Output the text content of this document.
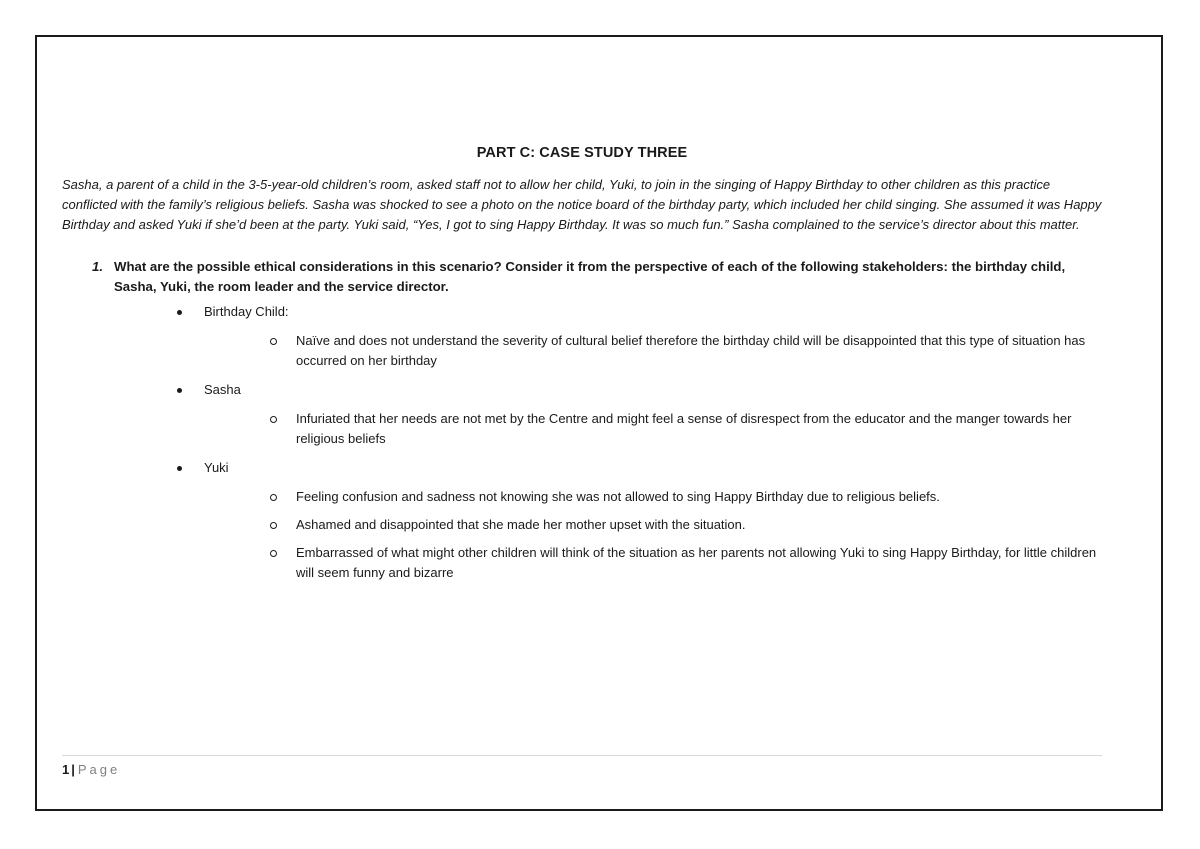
PART C: CASE STUDY THREE

Sasha, a parent of a child in the 3-5-year-old children’s room, asked staff not to allow her child, Yuki, to join in the singing of Happy Birthday to other children as this practice conflicted with the family’s religious beliefs. Sasha was shocked to see a photo on the notice board of the birthday party, which included her child singing. She assumed it was Happy Birthday and asked Yuki if she’d been at the party. Yuki said, “Yes, I got to sing Happy Birthday. It was so much fun.” Sasha complained to the service’s director about this matter.

1. What are the possible ethical considerations in this scenario? Consider it from the perspective of each of the following stakeholders: the birthday child, Sasha, Yuki, the room leader and the service director.
Birthday Child:
Naïve and does not understand the severity of cultural belief therefore the birthday child will be disappointed that this type of situation has occurred on her birthday
Sasha
Infuriated that her needs are not met by the Centre and might feel a sense of disrespect from the educator and the manger towards her religious beliefs
Yuki
Feeling confusion and sadness not knowing she was not allowed to sing Happy Birthday due to religious beliefs.
Ashamed and disappointed that she made her mother upset with the situation.
Embarrassed of what might other children will think of the situation as her parents not allowing Yuki to sing Happy Birthday, for little children will seem funny and bizarre
1 | Page
